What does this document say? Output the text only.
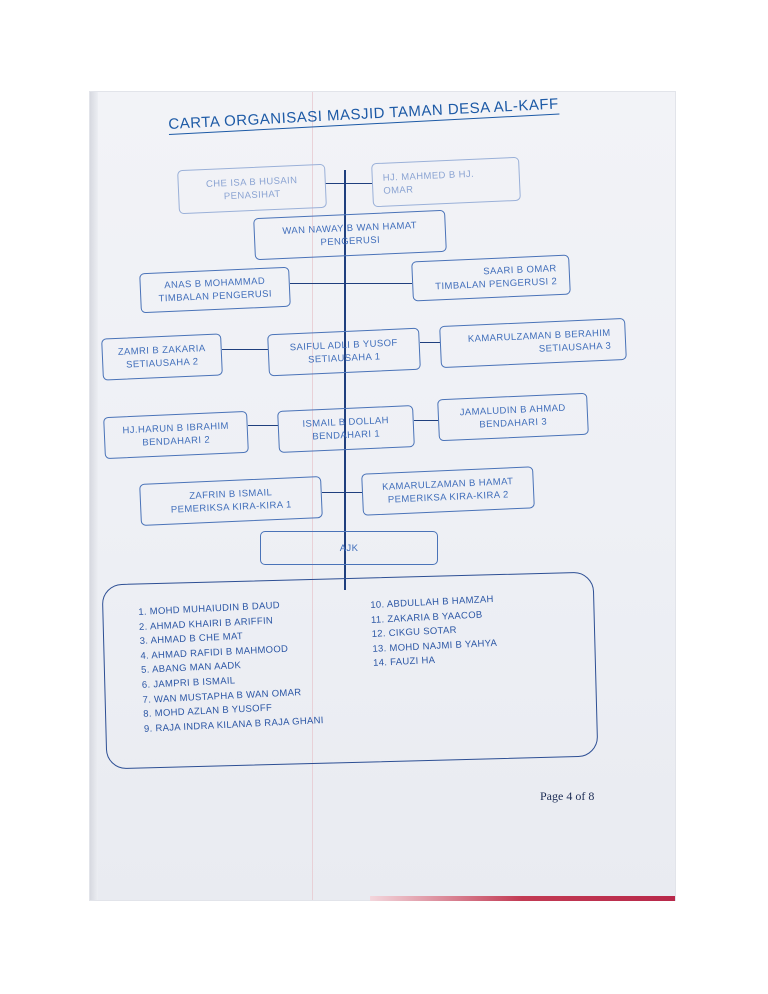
CARTA ORGANISASI MASJID TAMAN DESA AL-KAFF
CHE ISA B HUSAIN
PENASIHAT
HJ. MAHMED B HJ.
OMAR
WAN NAWAY B WAN HAMAT
PENGERUSI
ANAS B MOHAMMAD
TIMBALAN PENGERUSI
SAARI B OMAR
TIMBALAN PENGERUSI 2
ZAMRI B ZAKARIA
SETIAUSAHA 2
SAIFUL ADLI B YUSOF
SETIAUSAHA 1
KAMARULZAMAN B BERAHIM
SETIAUSAHA 3
HJ.HARUN B IBRAHIM
BENDAHARI 2
ISMAIL B DOLLAH
BENDAHARI 1
JAMALUDIN B AHMAD
BENDAHARI 3
ZAFRIN B ISMAIL
PEMERIKSA KIRA-KIRA 1
KAMARULZAMAN B HAMAT
PEMERIKSA KIRA-KIRA 2
AJK
1. MOHD MUHAIUDIN B DAUD
2. AHMAD KHAIRI B ARIFFIN
3. AHMAD B CHE MAT
4. AHMAD RAFIDI B MAHMOOD
5. ABANG MAN AADK
6. JAMPRI B ISMAIL
7. WAN MUSTAPHA B WAN OMAR
8. MOHD AZLAN B YUSOFF
9. RAJA INDRA KILANA B RAJA GHANI
10. ABDULLAH B HAMZAH
11. ZAKARIA B YAACOB
12. CIKGU SOTAR
13. MOHD NAJMI B YAHYA
14. FAUZI HA
Page 4 of 8
